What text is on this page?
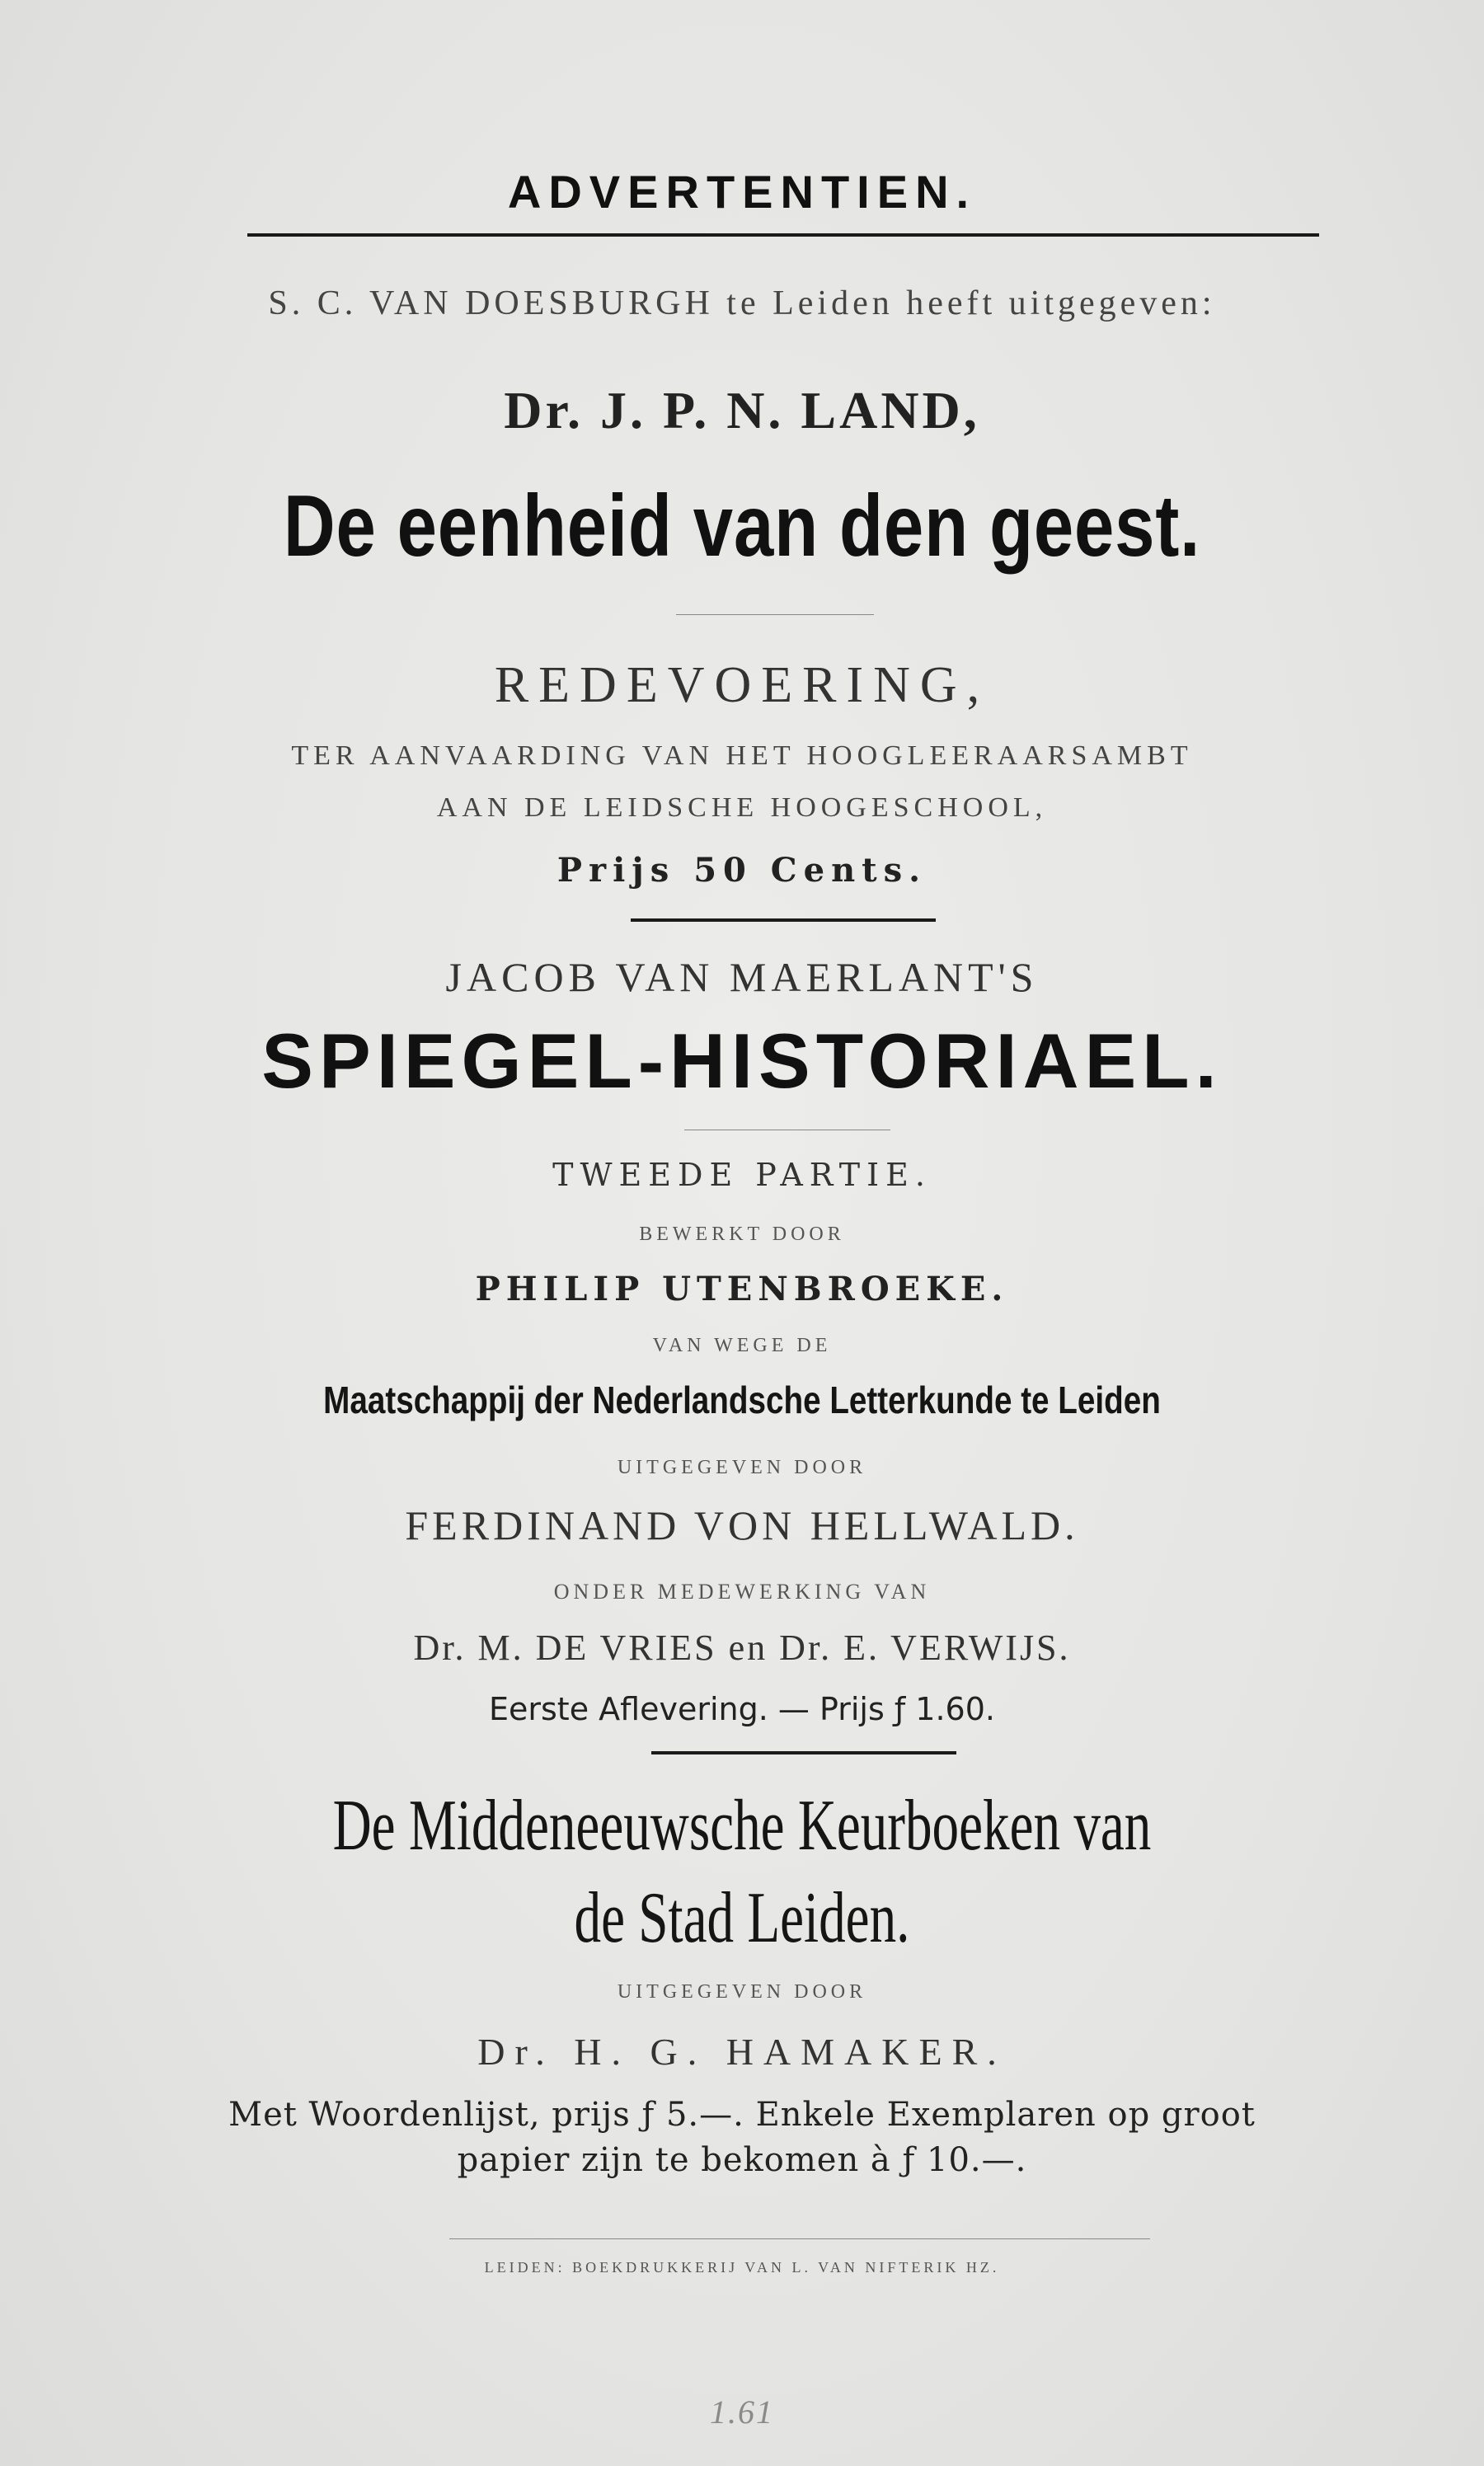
ADVERTENTIEN.
S. C. VAN DOESBURGH te Leiden heeft uitgegeven:
Dr. J. P. N. LAND,
De eenheid van den geest.
REDEVOERING,
TER AANVAARDING VAN HET HOOGLEERAARSAMBT
AAN DE LEIDSCHE HOOGESCHOOL,
Prijs 50 Cents.
JACOB VAN MAERLANT'S
SPIEGEL-HISTORIAEL.
TWEEDE PARTIE.
BEWERKT DOOR
PHILIP UTENBROEKE.
VAN WEGE DE
Maatschappij der Nederlandsche Letterkunde te Leiden
UITGEGEVEN DOOR
FERDINAND VON HELLWALD.
ONDER MEDEWERKING VAN
Dr. M. DE VRIES en Dr. E. VERWIJS.
Eerste Aflevering. — Prijs ƒ 1.60.
De Middeneeuwsche Keurboeken van
de Stad Leiden.
UITGEGEVEN DOOR
Dr. H. G. HAMAKER.
Met Woordenlijst, prijs ƒ 5.—. Enkele Exemplaren op groot
papier zijn te bekomen à ƒ 10.—.
LEIDEN: BOEKDRUKKERIJ VAN L. VAN NIFTERIK HZ.
1.61
